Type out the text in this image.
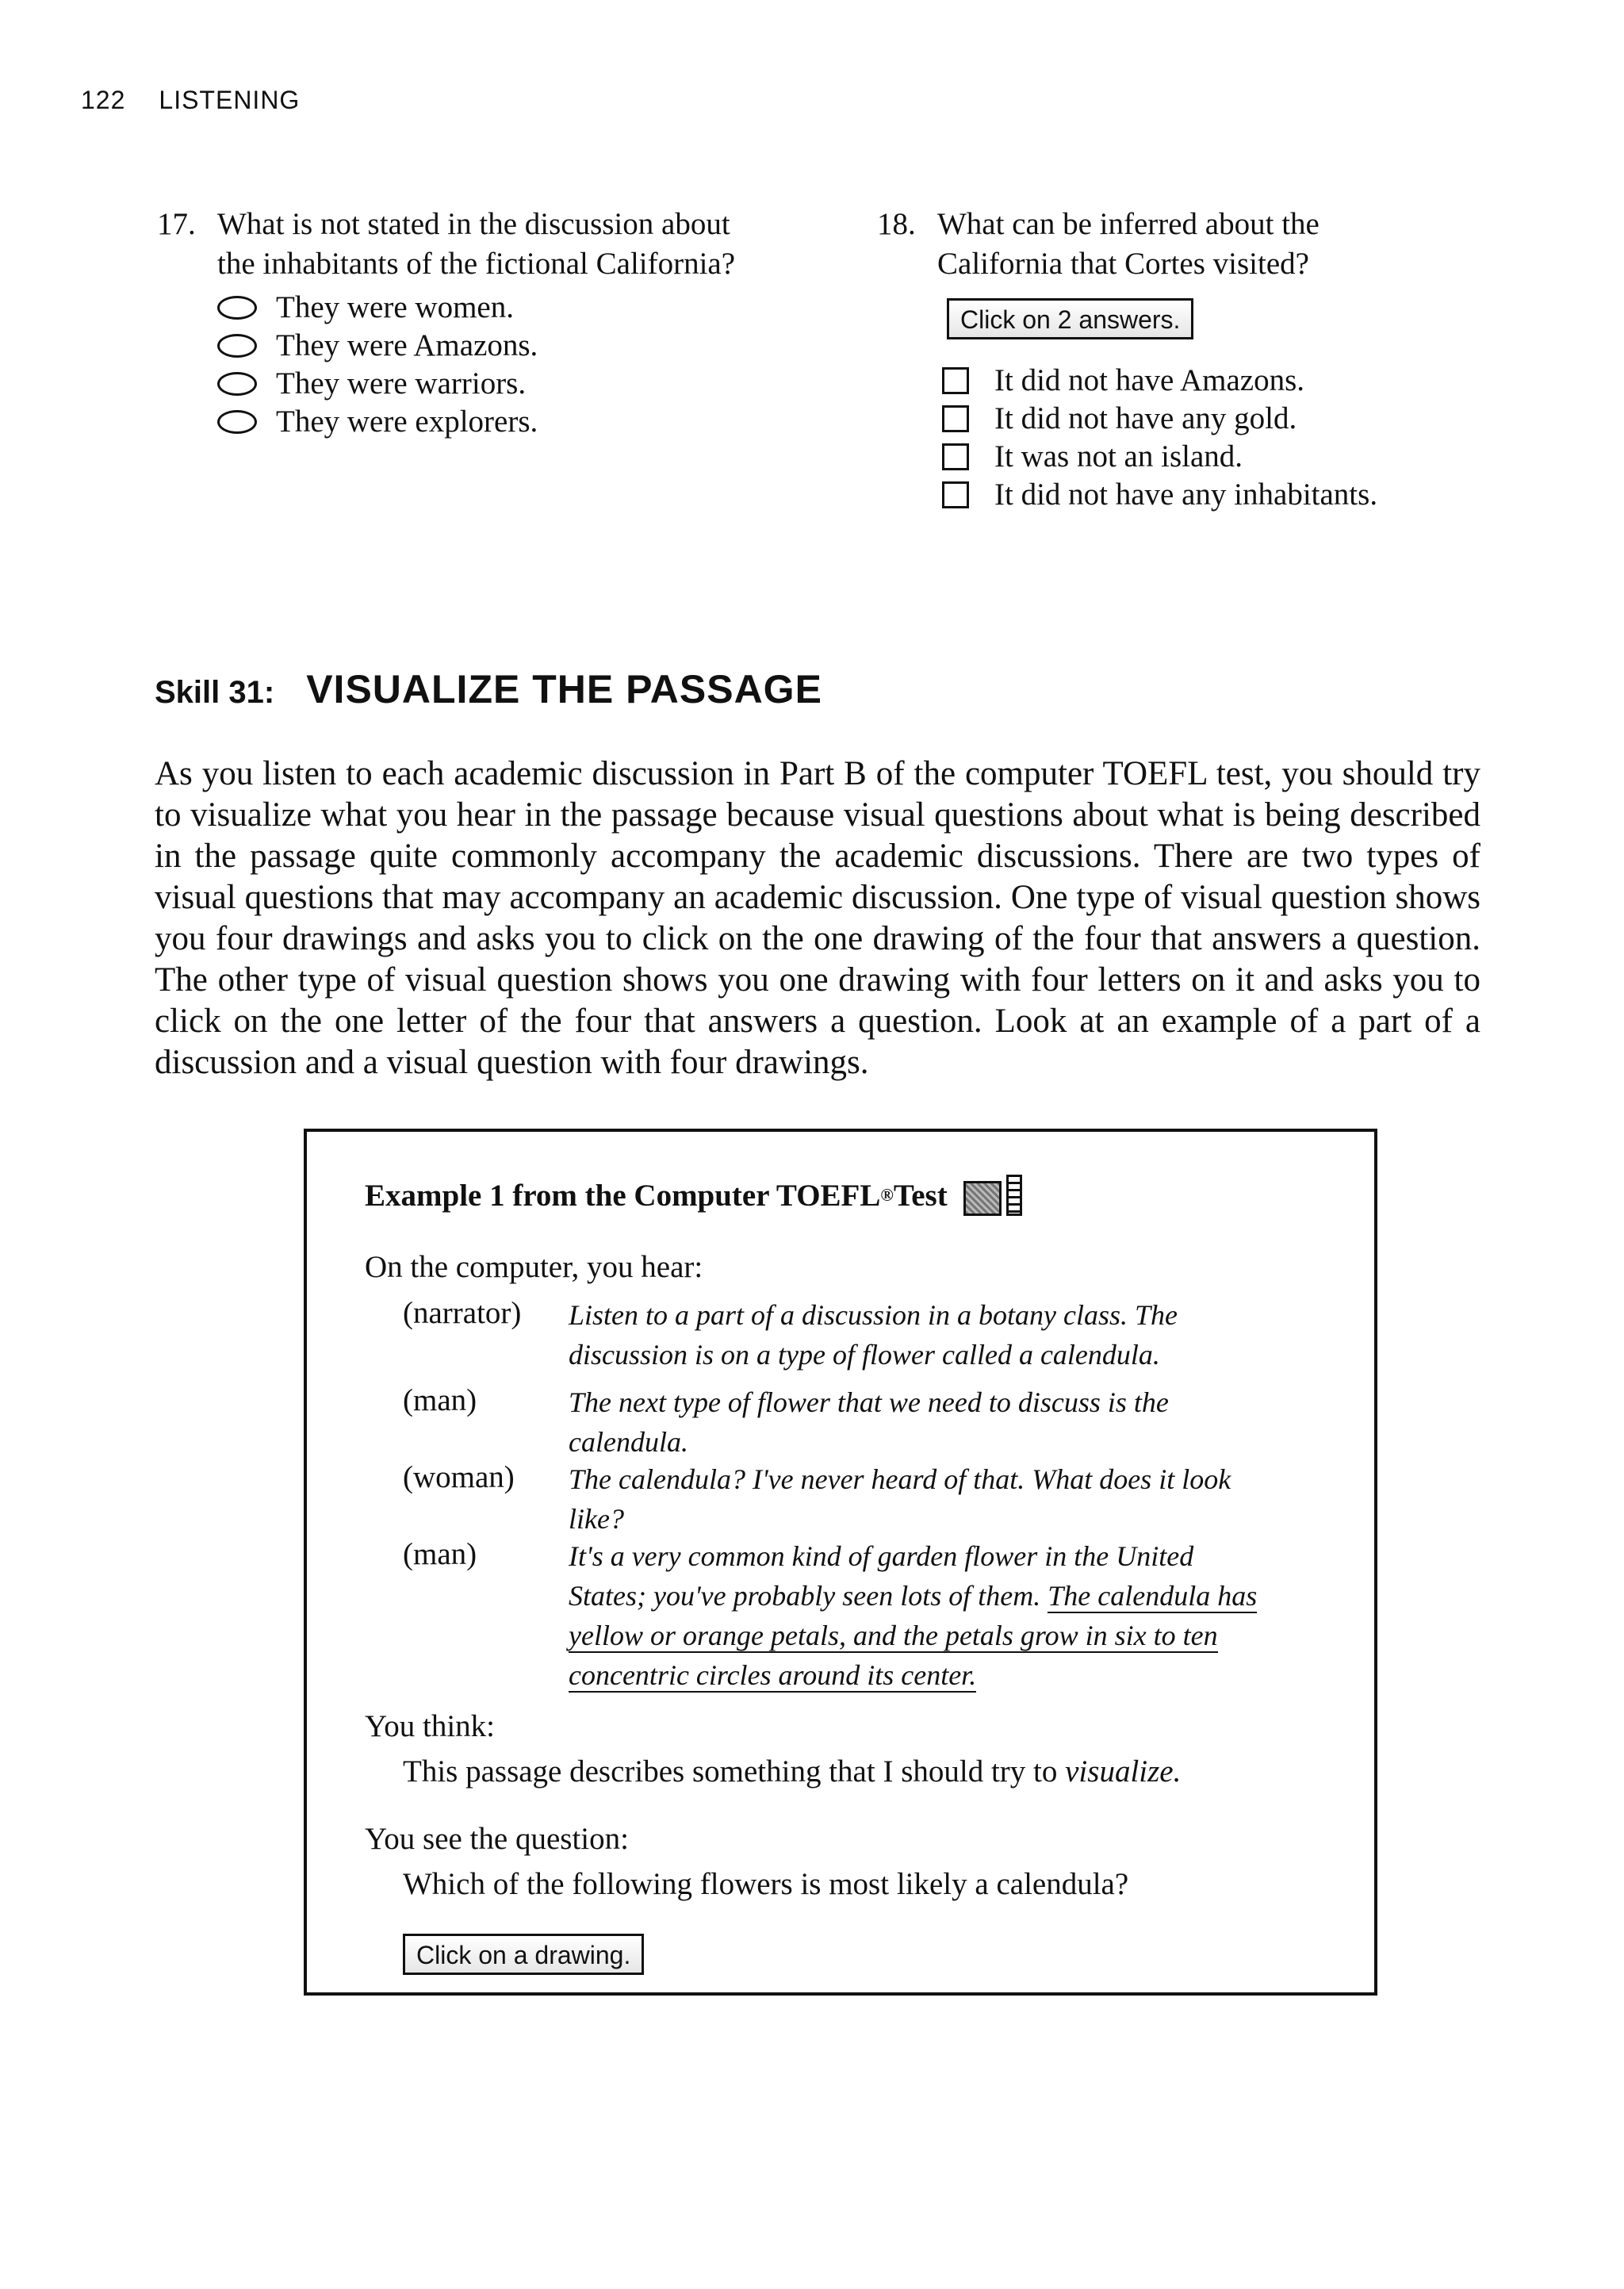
122 LISTENING
17. What is not stated in the discussion about
the inhabitants of the fictional California?
They were women.
They were Amazons.
They were warriors.
They were explorers.
18. What can be inferred about the
California that Cortes visited?
Click on 2 answers.
It did not have Amazons.
It did not have any gold.
It was not an island.
It did not have any inhabitants.
Skill 31: VISUALIZE THE PASSAGE
As you listen to each academic discussion in Part B of the computer TOEFL test, you should try to visualize what you hear in the passage because visual questions about what is being described in the passage quite commonly accompany the academic discussions. There are two types of visual questions that may accompany an academic discussion. One type of visual question shows you four drawings and asks you to click on the one drawing of the four that answers a question. The other type of visual question shows you one drawing with four letters on it and asks you to click on the one letter of the four that answers a question. Look at an example of a part of a discussion and a visual question with four drawings.
Example 1 from the Computer TOEFL ® Test
On the computer, you hear:
(narrator) Listen to a part of a discussion in a botany class. The
discussion is on a type of flower called a calendula.
(man)	The next type of flower that we need to discuss is the
calendula.
(woman) The calendula? I've never heard of that. What does it look
like?
(man)	It's a very common kind of garden flower in the United
States; you've probably seen lots of them. The calendula has
yellow or orange petals, and the petals grow in six to ten
concentric circles around its center.
You think:
This passage describes something that I should try to visualize.
You see the question:
Which of the following flowers is most likely a calendula?
Click on a drawing.
